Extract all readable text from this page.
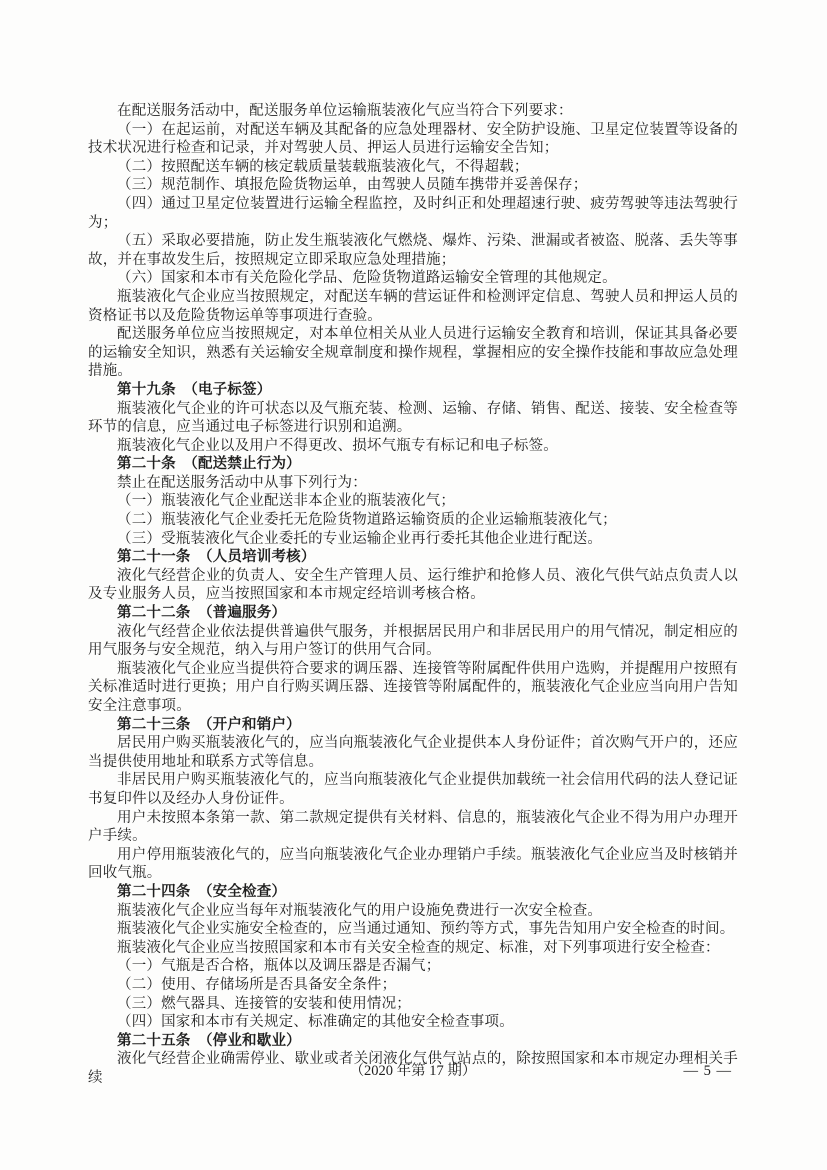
在配送服务活动中，配送服务单位运输瓶装液化气应当符合下列要求：

（一）在起运前，对配送车辆及其配备的应急处理器材、安全防护设施、卫星定位装置等设备的技术状况进行检查和记录，并对驾驶人员、押运人员进行运输安全告知；

（二）按照配送车辆的核定载质量装载瓶装液化气，不得超载；

（三）规范制作、填报危险货物运单，由驾驶人员随车携带并妥善保存；

（四）通过卫星定位装置进行运输全程监控，及时纠正和处理超速行驶、疲劳驾驶等违法驾驶行为；

（五）采取必要措施，防止发生瓶装液化气燃烧、爆炸、污染、泄漏或者被盗、脱落、丢失等事故，并在事故发生后，按照规定立即采取应急处理措施；

（六）国家和本市有关危险化学品、危险货物道路运输安全管理的其他规定。

瓶装液化气企业应当按照规定，对配送车辆的营运证件和检测评定信息、驾驶人员和押运人员的资格证书以及危险货物运单等事项进行查验。

配送服务单位应当按照规定，对本单位相关从业人员进行运输安全教育和培训，保证其具备必要的运输安全知识，熟悉有关运输安全规章制度和操作规程，掌握相应的安全操作技能和事故应急处理措施。

第十九条　（电子标签）

瓶装液化气企业的许可状态以及气瓶充装、检测、运输、存储、销售、配送、接装、安全检查等环节的信息，应当通过电子标签进行识别和追溯。

瓶装液化气企业以及用户不得更改、损坏气瓶专有标记和电子标签。

第二十条　（配送禁止行为）

禁止在配送服务活动中从事下列行为：

（一）瓶装液化气企业配送非本企业的瓶装液化气；

（二）瓶装液化气企业委托无危险货物道路运输资质的企业运输瓶装液化气；

（三）受瓶装液化气企业委托的专业运输企业再行委托其他企业进行配送。

第二十一条　（人员培训考核）

液化气经营企业的负责人、安全生产管理人员、运行维护和抢修人员、液化气供气站点负责人以及专业服务人员，应当按照国家和本市规定经培训考核合格。

第二十二条　（普遍服务）

液化气经营企业依法提供普遍供气服务，并根据居民用户和非居民用户的用气情况，制定相应的用气服务与安全规范，纳入与用户签订的供用气合同。

瓶装液化气企业应当提供符合要求的调压器、连接管等附属配件供用户选购，并提醒用户按照有关标准适时进行更换；用户自行购买调压器、连接管等附属配件的，瓶装液化气企业应当向用户告知安全注意事项。

第二十三条　（开户和销户）

居民用户购买瓶装液化气的，应当向瓶装液化气企业提供本人身份证件；首次购气开户的，还应当提供使用地址和联系方式等信息。

非居民用户购买瓶装液化气的，应当向瓶装液化气企业提供加载统一社会信用代码的法人登记证书复印件以及经办人身份证件。

用户未按照本条第一款、第二款规定提供有关材料、信息的，瓶装液化气企业不得为用户办理开户手续。

用户停用瓶装液化气的，应当向瓶装液化气企业办理销户手续。瓶装液化气企业应当及时核销并回收气瓶。

第二十四条　（安全检查）

瓶装液化气企业应当每年对瓶装液化气的用户设施免费进行一次安全检查。

瓶装液化气企业实施安全检查的，应当通过通知、预约等方式，事先告知用户安全检查的时间。

瓶装液化气企业应当按照国家和本市有关安全检查的规定、标准，对下列事项进行安全检查：

（一）气瓶是否合格，瓶体以及调压器是否漏气；

（二）使用、存储场所是否具备安全条件；

（三）燃气器具、连接管的安装和使用情况；

（四）国家和本市有关规定、标准确定的其他安全检查事项。

第二十五条　（停业和歇业）

液化气经营企业确需停业、歇业或者关闭液化气供气站点的，除按照国家和本市规定办理相关手续	（2020 年第 17 期）	— 5 —
